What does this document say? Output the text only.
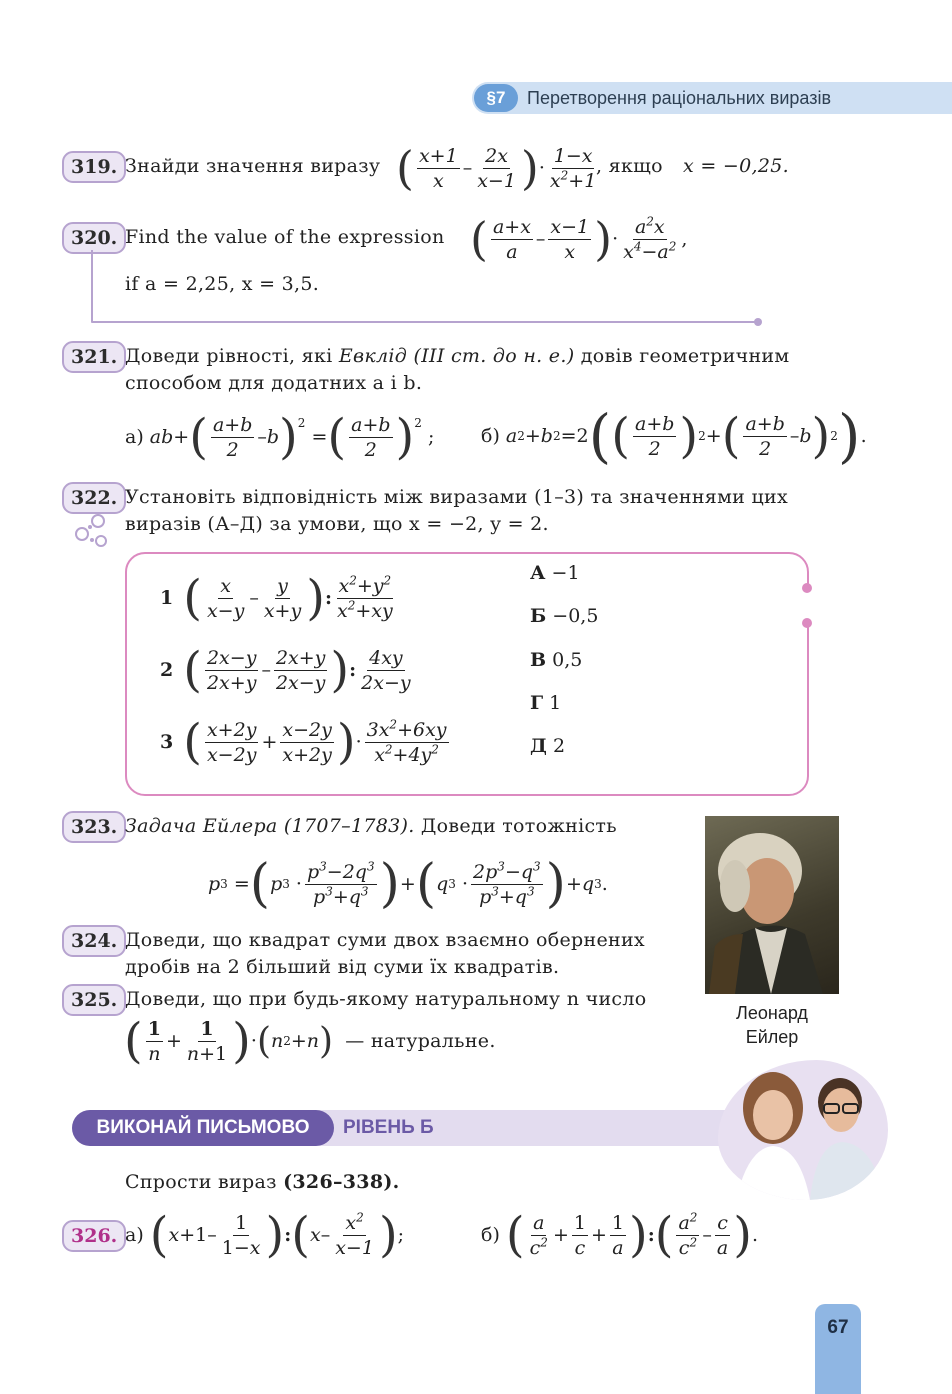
§7	Перетворення раціональних виразів
319. Знайди значення виразу ( x+1
x
–
2x
x−1 ) ·
1−x
$x^2+1$
, якщо x = −0,25.
320. Find the value of the expression ( a+x
a
–
x−1
x ) ·
$a^2x$
$x^4-a^2$ ,
if a = 2,25, x = 3,5.
321. Доведи рівності, які Евклід (III ст. до н. е.) довів геометричним
способом для додатних a і b.
а)
ab + ( a+b
2
– b ) 2
= ( a+b
2 ) 2
; б)
a 2 + b 2 =2 ( ( a+b
2 ) 2 + ( a+b
2
– b ) 2 ) .
322. Установіть відповідність між виразами (1–3) та значеннями цих
виразів (А–Д) за умови, що x = −2, y = 2.
1 ( x
x−y
–
y
x+y ) :
$x^2+y^2$
$x^2+xy$
2 ( 2x−y
2x+y
–
2x+y
2x−y ) :
4xy
2x−y
3 ( x+2y
x−2y
+
x−2y
x+2y ) ·
$3x^2+6xy$
$x^2+4y^2$
А −1
Б −0,5
В 0,5
Г 1
Д 2
323. Задача Ейлера (1707–1783). Доведи тотожність
p 3 = ( p 3 ·
$p^3-2q^3$
$p^3+q^3$ ) + ( q 3 ·
$2p^3-q^3$
$p^3+q^3$ ) + q 3 .
Леонард
Ейлер
324. Доведи, що квадрат суми двох взаємно обернених
дробів на 2 більший від суми їх квадратів.
325. Доведи, що при будь-якому натуральному n число
( 1
n
+
1
n+1 ) · ( n 2 + n )
— натуральне.
ВИКОНАЙ ПИСЬМОВО	РІВЕНЬ Б
Спрости вираз (326–338).
326. а)
( x +1–
1
1−x ) : ( x –
$x^2$
x−1 ) ;	б)
( a
$c^2$ +
1
c
+
1
a ) : ( $a^2$
$c^2$ –
c
a ) .
67
